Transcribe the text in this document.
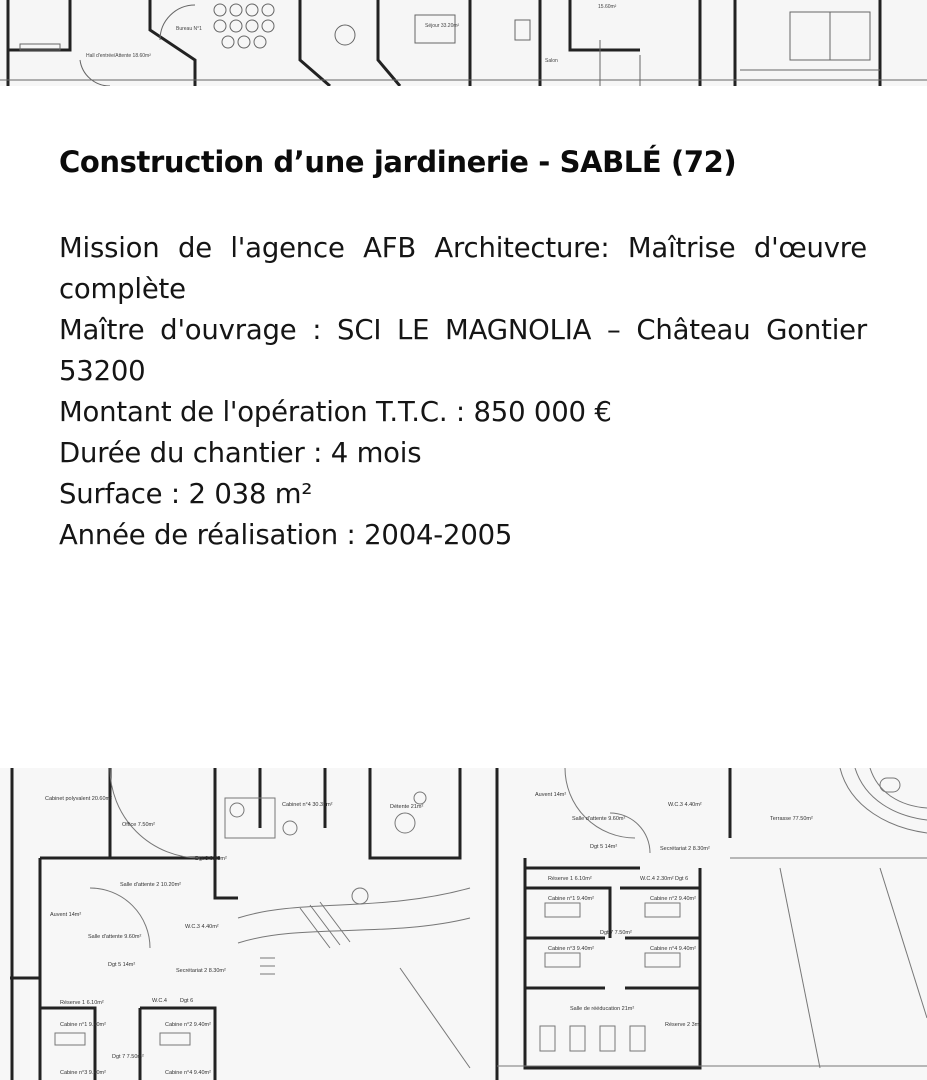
Hall d'entrée/Attente 18.60m²
Bureau N°1	Séjour 33.20m²
Salon
15.60m²
Construction d’une jardinerie - SABLÉ (72)
Mission de l'agence AFB Architecture: Maîtrise d'œuvre complète
Maître d'ouvrage : SCI LE MAGNOLIA – Château Gontier 53200
Montant de l'opération T.T.C. : 850 000 €
Durée du chantier : 4 mois
Surface : 2 038 m²
Année de réalisation : 2004-2005
Cabinet polyvalent 20.60m²
Office 7.50m²
Cabinet n°4 30.35m²	Détente 21m²
Salle d'attente 2 10.20m²
Dgt 3 6.80m²
Auvent 14m²
Salle d'attente 9.60m²
W.C.3 4.40m²
Secrétariat 2 8.30m²
Dgt 5 14m²
Réserve 1 6.10m²	W.C.4 Dgt 6
Cabine n°1 9.40m²	Cabine n°2 9.40m²
Dgt 7 7.50m²
Cabine n°3 9.40m²	Cabine n°4 9.40m²
Auvent 14m²
Salle d'attente 9.60m²
W.C.3 4.40m²
Dgt 5 14m²	Secrétariat 2 8.30m²
Terrasse 77.50m²
Réserve 1 6.10m²	W.C.4 2.30m² Dgt 6
Cabine n°1 9.40m²	Cabine n°2 9.40m²
Dgt 7 7.50m²
Cabine n°3 9.40m²	Cabine n°4 9.40m²
Salle de rééducation 21m²
Réserve 2 3m²
